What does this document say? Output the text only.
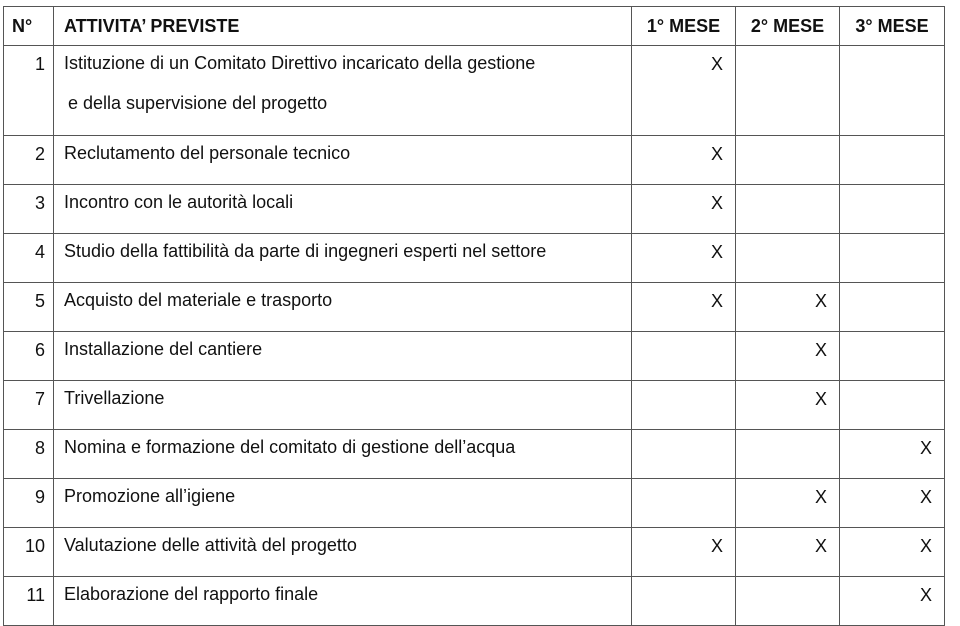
N°	ATTIVITA’ PREVISTE	1° MESE	2° MESE	3° MESE
1	Istituzione di un Comitato Direttivo incaricato della gestione
e della supervisione del progetto	X		

2	Reclutamento del personale tecnico	X		

3	Incontro con le autorità locali	X		

4	Studio della fattibilità da parte di ingegneri esperti nel settore	X		

5	Acquisto del materiale e trasporto	X	X	

6	Installazione del cantiere		X	

7	Trivellazione		X	

8	Nomina e formazione del comitato di gestione dell’acqua			X

9	Promozione all’igiene		X	X

10	Valutazione delle attività del progetto	X	X	X

11	Elaborazione del rapporto finale			X
